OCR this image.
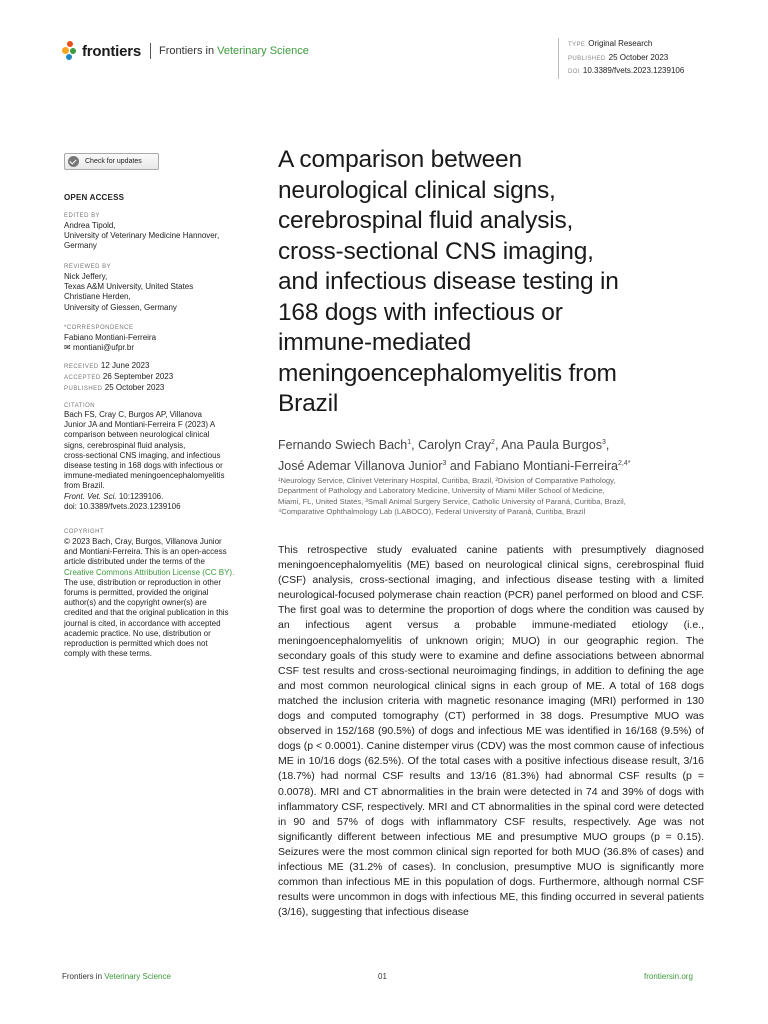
frontiers Frontiers in Veterinary Science	TYPE Original Research
PUBLISHED 25 October 2023
DOI 10.3389/fvets.2023.1239106
Check for updates
OPEN ACCESS
EDITED BY
Andrea Tipold,
University of Veterinary Medicine Hannover,
Germany
REVIEWED BY
Nick Jeffery,
Texas A&M University, United States
Christiane Herden,
University of Giessen, Germany
*CORRESPONDENCE
Fabiano Montiani-Ferreira
✉ montiani@ufpr.br
RECEIVED 12 June 2023
ACCEPTED 26 September 2023
PUBLISHED 25 October 2023
CITATION
Bach FS, Cray C, Burgos AP, Villanova
Junior JA and Montiani-Ferreira F (2023) A
comparison between neurological clinical
signs, cerebrospinal fluid analysis,
cross-sectional CNS imaging, and infectious
disease testing in 168 dogs with infectious or
immune-mediated meningoencephalomyelitis
from Brazil.
Front. Vet. Sci. 10:1239106.
doi: 10.3389/fvets.2023.1239106
COPYRIGHT
© 2023 Bach, Cray, Burgos, Villanova Junior
and Montiani-Ferreira. This is an open-access
article distributed under the terms of the
Creative Commons Attribution License (CC BY).
The use, distribution or reproduction in other
forums is permitted, provided the original
author(s) and the copyright owner(s) are
credited and that the original publication in this
journal is cited, in accordance with accepted
academic practice. No use, distribution or
reproduction is permitted which does not
comply with these terms.
A comparison between
neurological clinical signs,
cerebrospinal fluid analysis,
cross-sectional CNS imaging,
and infectious disease testing in
168 dogs with infectious or
immune-mediated
meningoencephalomyelitis from
Brazil
Fernando Swiech Bach$^1$, Carolyn Cray$^2$, Ana Paula Burgos$^3$,
José Ademar Villanova Junior$^3$ and Fabiano Montiani-Ferreira$^{2,4*}$
¹Neurology Service, Clinivet Veterinary Hospital, Curitiba, Brazil, ²Division of Comparative Pathology,
Department of Pathology and Laboratory Medicine, University of Miami Miller School of Medicine,
Miami, FL, United States, ³Small Animal Surgery Service, Catholic University of Paraná, Curitiba, Brazil,
⁴Comparative Ophthalmology Lab (LABOCO), Federal University of Paraná, Curitiba, Brazil
This retrospective study evaluated canine patients with presumptively diagnosed meningoencephalomyelitis (ME) based on neurological clinical signs, cerebrospinal fluid (CSF) analysis, cross-sectional imaging, and infectious disease testing with a limited neurological-focused polymerase chain reaction (PCR) panel performed on blood and CSF. The first goal was to determine the proportion of dogs where the condition was caused by an infectious agent versus a probable immune-mediated etiology (i.e., meningoencephalomyelitis of unknown origin; MUO) in our geographic region. The secondary goals of this study were to examine and define associations between abnormal CSF test results and cross-sectional neuroimaging findings, in addition to defining the age and most common neurological clinical signs in each group of ME. A total of 168 dogs matched the inclusion criteria with magnetic resonance imaging (MRI) performed in 130 dogs and computed tomography (CT) performed in 38 dogs. Presumptive MUO was observed in 152/168 (90.5%) of dogs and infectious ME was identified in 16/168 (9.5%) of dogs (p < 0.0001). Canine distemper virus (CDV) was the most common cause of infectious ME in 10/16 dogs (62.5%). Of the total cases with a positive infectious disease result, 3/16 (18.7%) had normal CSF results and 13/16 (81.3%) had abnormal CSF results (p = 0.0078). MRI and CT abnormalities in the brain were detected in 74 and 39% of dogs with inflammatory CSF, respectively. MRI and CT abnormalities in the spinal cord were detected in 90 and 57% of dogs with inflammatory CSF results, respectively. Age was not significantly different between infectious ME and presumptive MUO groups (p = 0.15). Seizures were the most common clinical sign reported for both MUO (36.8% of cases) and infectious ME (31.2% of cases). In conclusion, presumptive MUO is significantly more common than infectious ME in this population of dogs. Furthermore, although normal CSF results were uncommon in dogs with infectious ME, this finding occurred in several patients (3/16), suggesting that infectious disease
Frontiers in Veterinary Science	01	frontiersin.org
